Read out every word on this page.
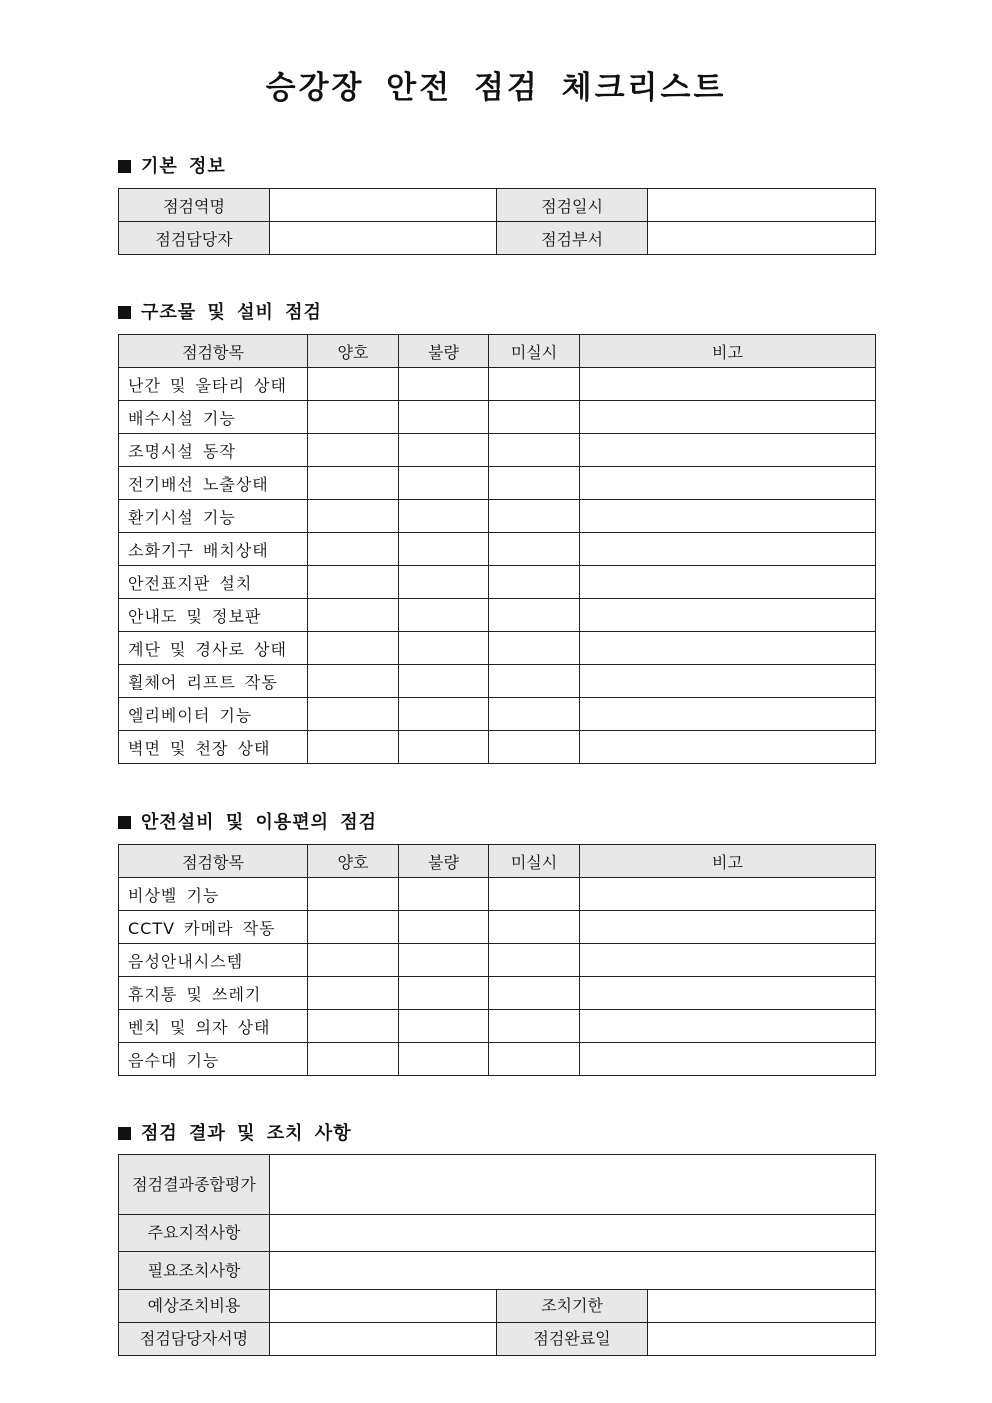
승강장 안전 점검 체크리스트
기본 정보
점검역명		점검일시	
점검담당자		점검부서	
구조물 및 설비 점검
점검항목	양호	불량	미실시	비고
난간 및 울타리 상태				
배수시설 기능				
조명시설 동작				
전기배선 노출상태				
환기시설 기능				
소화기구 배치상태				
안전표지판 설치				
안내도 및 정보판				
계단 및 경사로 상태				
휠체어 리프트 작동				
엘리베이터 기능				
벽면 및 천장 상태				
안전설비 및 이용편의 점검
점검항목	양호	불량	미실시	비고
비상벨 기능				
CCTV 카메라 작동				
음성안내시스템				
휴지통 및 쓰레기				
벤치 및 의자 상태				
음수대 기능				
점검 결과 및 조치 사항
점검결과종합평가			
주요지적사항			
필요조치사항			
예상조치비용		조치기한	
점검담당자서명		점검완료일	
